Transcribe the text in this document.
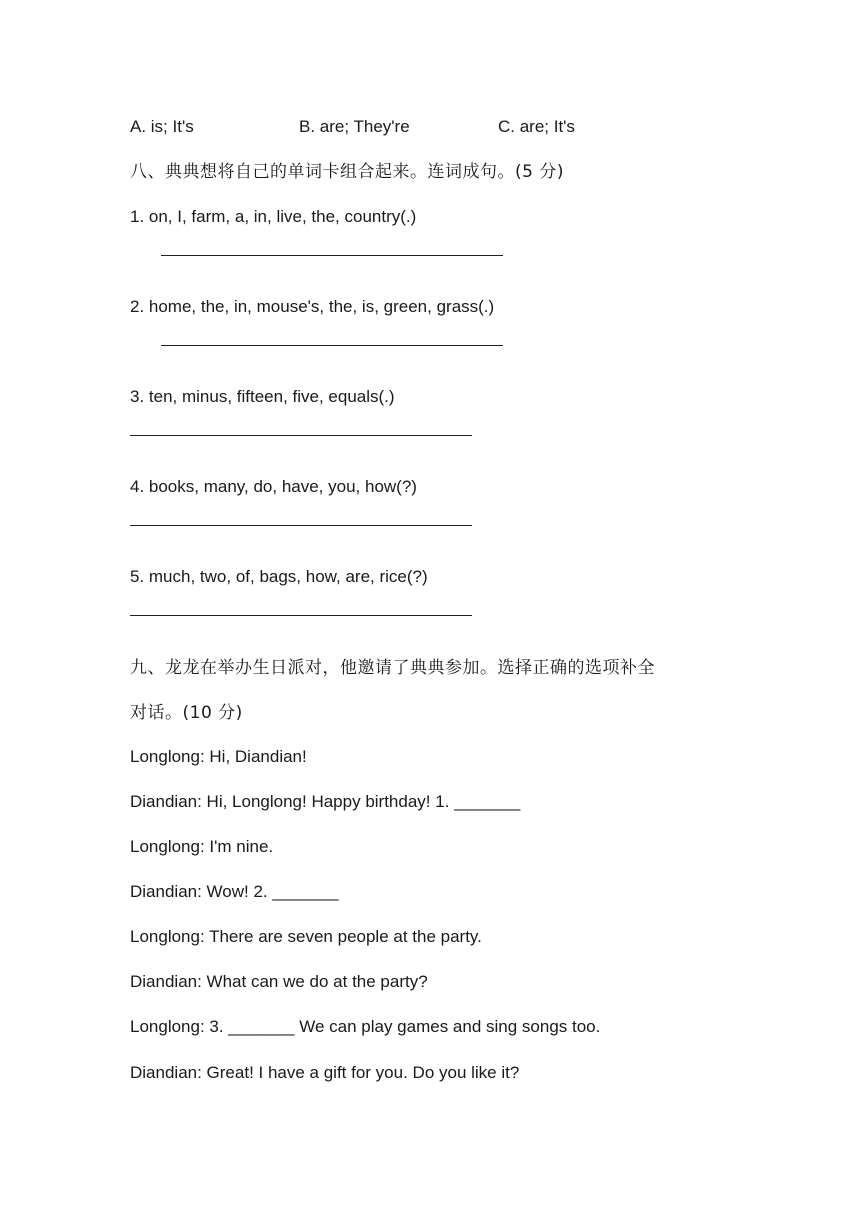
A. is; It's	B. are; They're	C. are; It's
八、典典想将自己的单词卡组合起来。连词成句。(5 分)
1. on, I, farm, a, in, live, the, country(.)
2. home, the, in, mouse's, the, is, green, grass(.)
3. ten, minus, fifteen, five, equals(.)
4. books, many, do, have, you, how(?)
5. much, two, of, bags, how, are, rice(?)
九、龙龙在举办生日派对，他邀请了典典参加。选择正确的选项补全
对话。(10 分)
Longlong: Hi, Diandian!
Diandian: Hi, Longlong! Happy birthday! 1. _______
Longlong: I'm nine.
Diandian: Wow! 2. _______
Longlong: There are seven people at the party.
Diandian: What can we do at the party?
Longlong: 3. _______ We can play games and sing songs too.
Diandian: Great! I have a gift for you. Do you like it?
